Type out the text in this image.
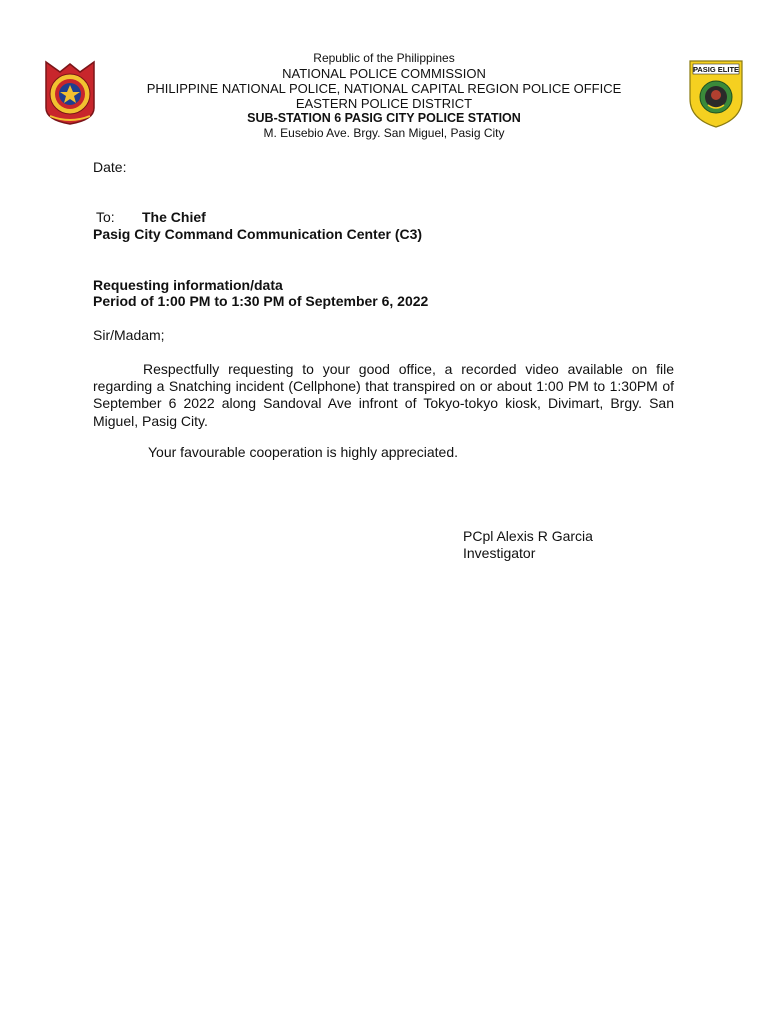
Republic of the Philippines
NATIONAL POLICE COMMISSION
PHILIPPINE NATIONAL POLICE, NATIONAL CAPITAL REGION POLICE OFFICE
EASTERN POLICE DISTRICT
SUB-STATION 6 PASIG CITY POLICE STATION
M. Eusebio Ave. Brgy. San Miguel, Pasig City
PASIG ELITE
Date:
To: The Chief
Pasig City Command Communication Center (C3)
Requesting information/data
Period of 1:00 PM to 1:30 PM of September 6, 2022
Sir/Madam;
Respectfully requesting to your good office, a recorded video available on file regarding a Snatching incident (Cellphone) that transpired on or about 1:00 PM to 1:30PM of September 6 2022 along Sandoval Ave infront of Tokyo-tokyo kiosk, Divimart, Brgy. San Miguel, Pasig City.
Your favourable cooperation is highly appreciated.
PCpl Alexis R Garcia
Investigator
